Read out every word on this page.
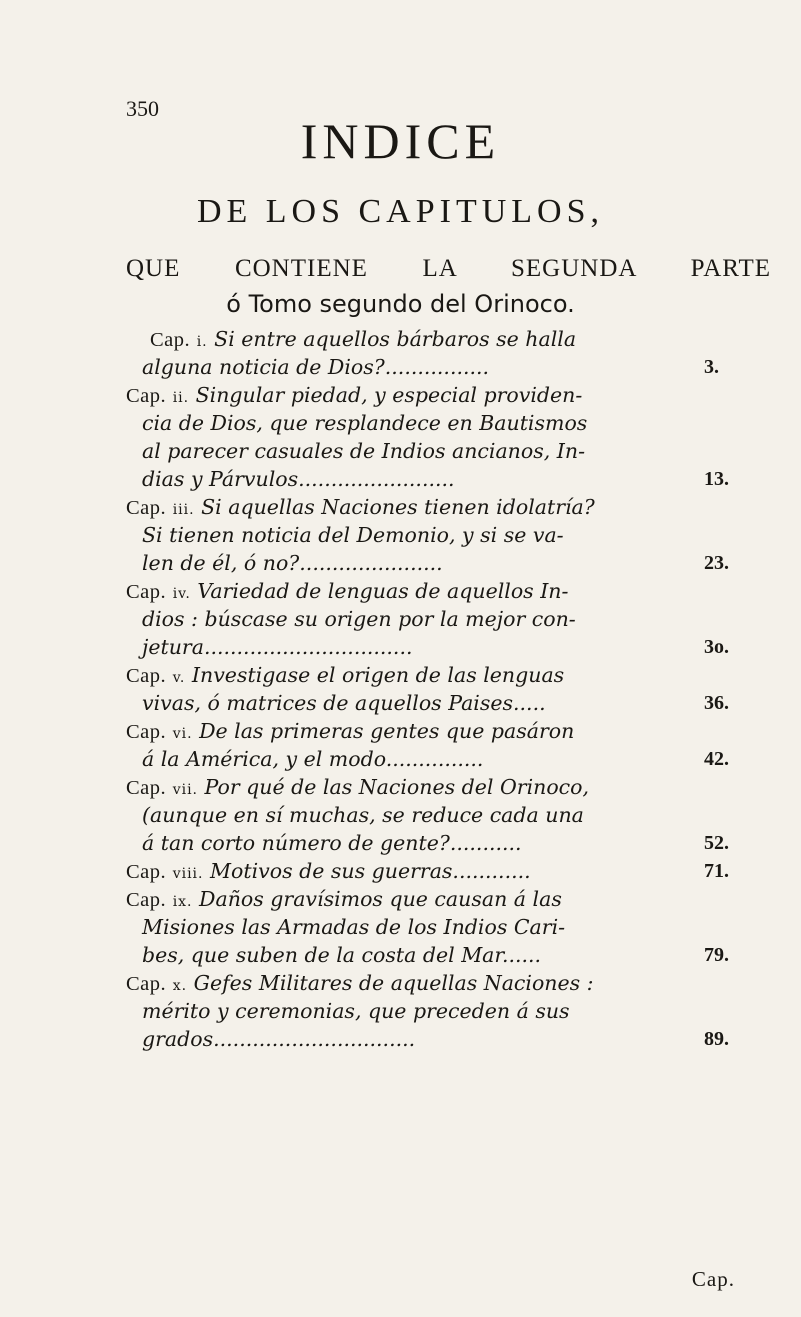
350
INDICE
DE LOS CAPITULOS,
QUE CONTIENE LA SEGUNDA PARTE
ó Tomo segundo del Orinoco.
Cap. i. Si entre aquellos bárbaros se halla
alguna noticia de Dios?................	3.
Cap. ii. Singular piedad, y especial providen-
cia de Dios, que resplandece en Bautismos
al parecer casuales de Indios ancianos, In-
dias y Párvulos........................	13.
Cap. iii. Si aquellas Naciones tienen idolatría?
Si tienen noticia del Demonio, y si se va-
len de él, ó no?......................	23.
Cap. iv. Variedad de lenguas de aquellos In-
dios : búscase su origen por la mejor con-
jetura................................	3o.
Cap. v. Investigase el origen de las lenguas
vivas, ó matrices de aquellos Paises.....	36.
Cap. vi. De las primeras gentes que pasáron
á la América, y el modo...............	42.
Cap. vii. Por qué de las Naciones del Orinoco,
(aunque en sí muchas, se reduce cada una
á tan corto número de gente?...........	52.
Cap. viii. Motivos de sus guerras............	71.
Cap. ix. Daños gravísimos que causan á las
Misiones las Armadas de los Indios Cari-
bes, que suben de la costa del Mar......	79.
Cap. x. Gefes Militares de aquellas Naciones :
mérito y ceremonias, que preceden á sus
grados...............................	89.
Cap.
